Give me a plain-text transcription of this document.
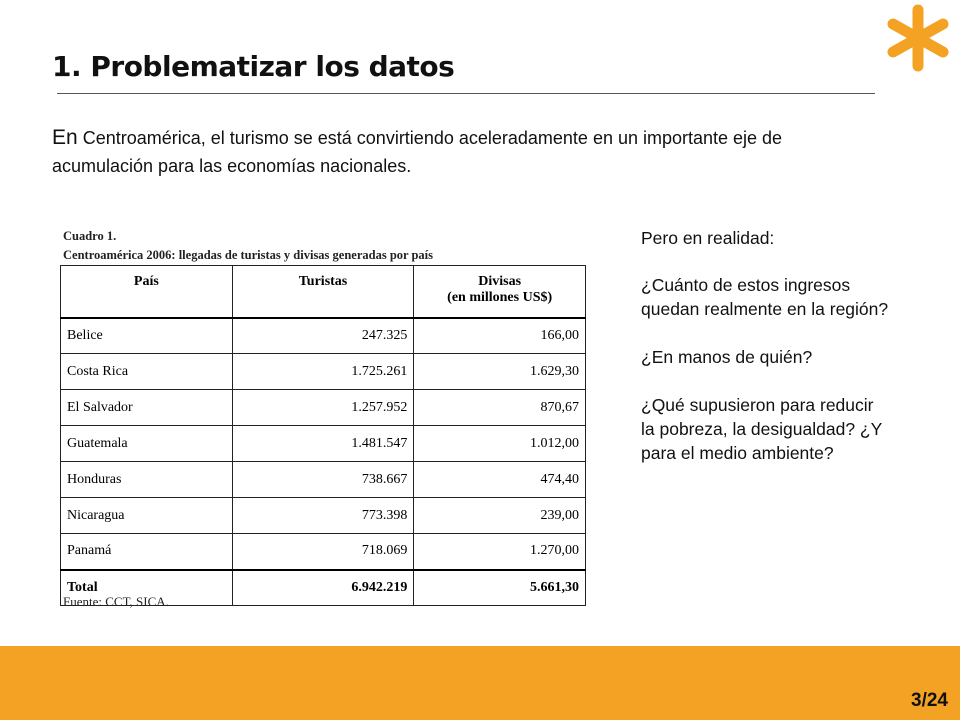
1. Problematizar los datos

En Centroamérica, el turismo se está convirtiendo aceleradamente en un importante eje de acumulación para las economías nacionales.

Cuadro 1.
Centroamérica 2006: llegadas de turistas y divisas generadas por país
País	Turistas	Divisas
(en millones US$)
Belice	247.325	166,00
Costa Rica	1.725.261	1.629,30
El Salvador	1.257.952	870,67
Guatemala	1.481.547	1.012,00
Honduras	738.667	474,40
Nicaragua	773.398	239,00
Panamá	718.069	1.270,00
Total	6.942.219	5.661,30
Fuente: CCT, SICA.

Pero en realidad:

¿Cuánto de estos ingresos quedan realmente en la región?

¿En manos de quién?

¿Qué supusieron para reducir la pobreza, la desigualdad? ¿Y para el medio ambiente?

3/24
